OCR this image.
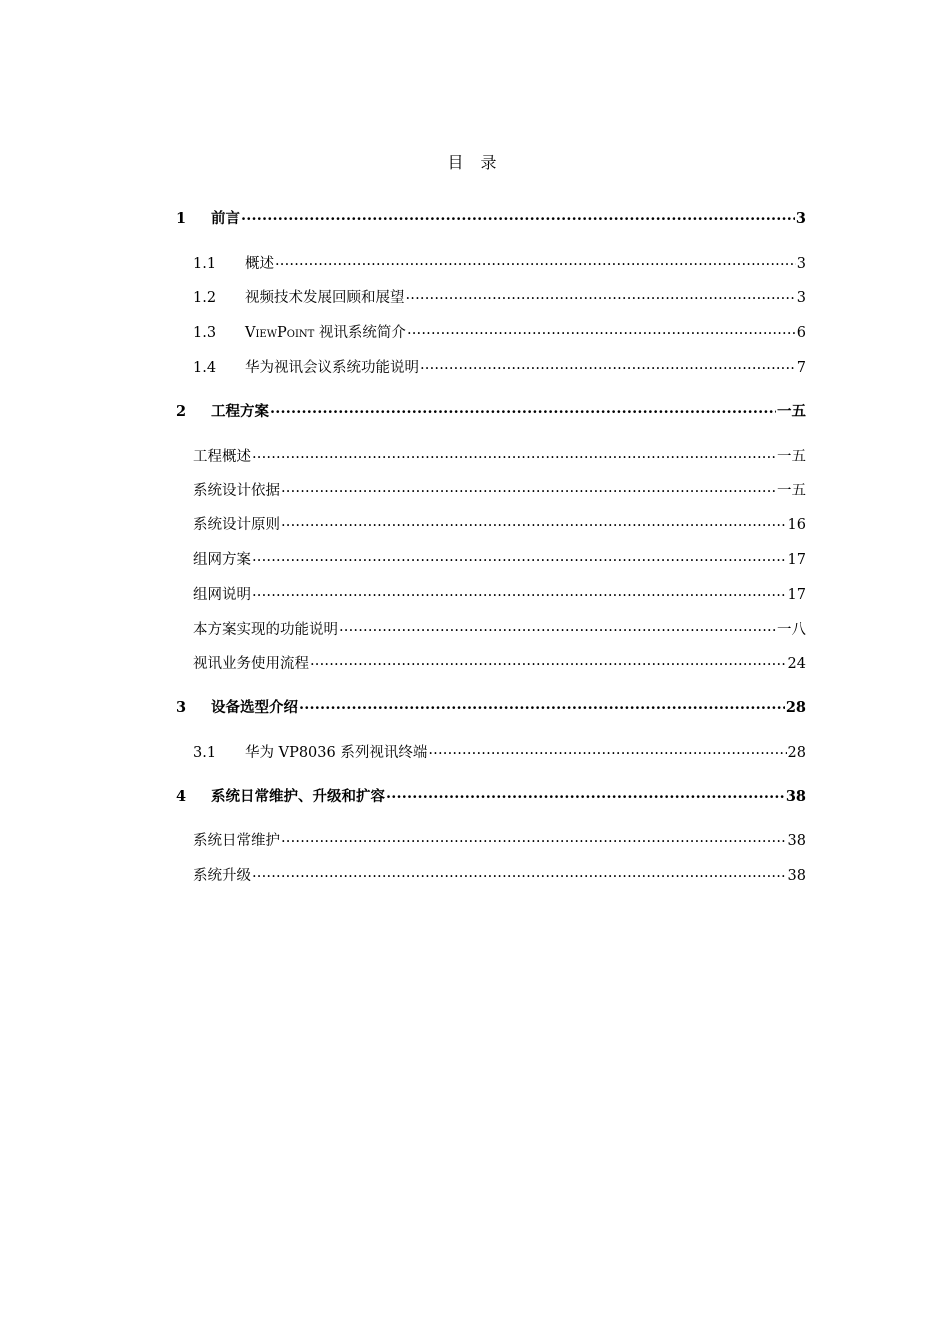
目 录
1	前言 .....	3
1.1	概述 .....	3
1.2	视频技术发展回顾和展望 .....	3
1.3	ViewPoint 视讯系统简介 .....	6
1.4	华为视讯会议系统功能说明 .....	7
2	工程方案 .....	一五
工程概述 .....	一五
系统设计依据 .....	一五
系统设计原则 .....	16
组网方案 .....	17
组网说明 .....	17
本方案实现的功能说明 .....	一八
视讯业务使用流程 .....	24
3	设备选型介绍 .....	28
3.1	华为 VP8036 系列视讯终端 .....	28
4	系统日常维护、升级和扩容 .....	38
系统日常维护 .....	38
系统升级 .....	38
